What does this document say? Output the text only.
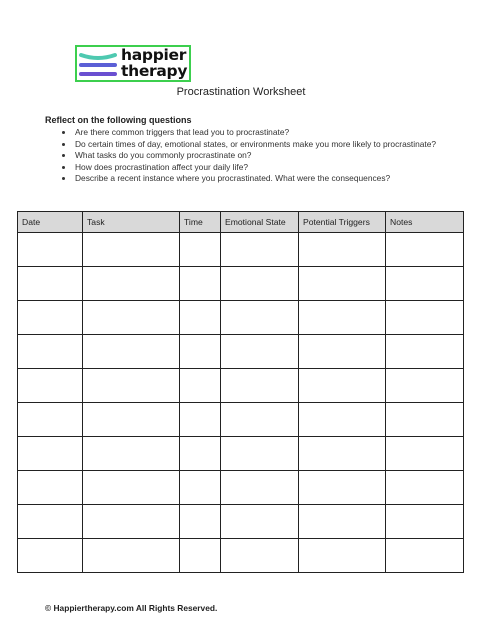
happier
therapy
Procrastination Worksheet
Reflect on the following questions
Are there common triggers that lead you to procrastinate?
Do certain times of day, emotional states, or environments make you more likely to procrastinate?
What tasks do you commonly procrastinate on?
How does procrastination affect your daily life?
Describe a recent instance where you procrastinated. What were the consequences?
Date	Task	Time	Emotional State	Potential Triggers	Notes

© Happiertherapy.com All Rights Reserved.
